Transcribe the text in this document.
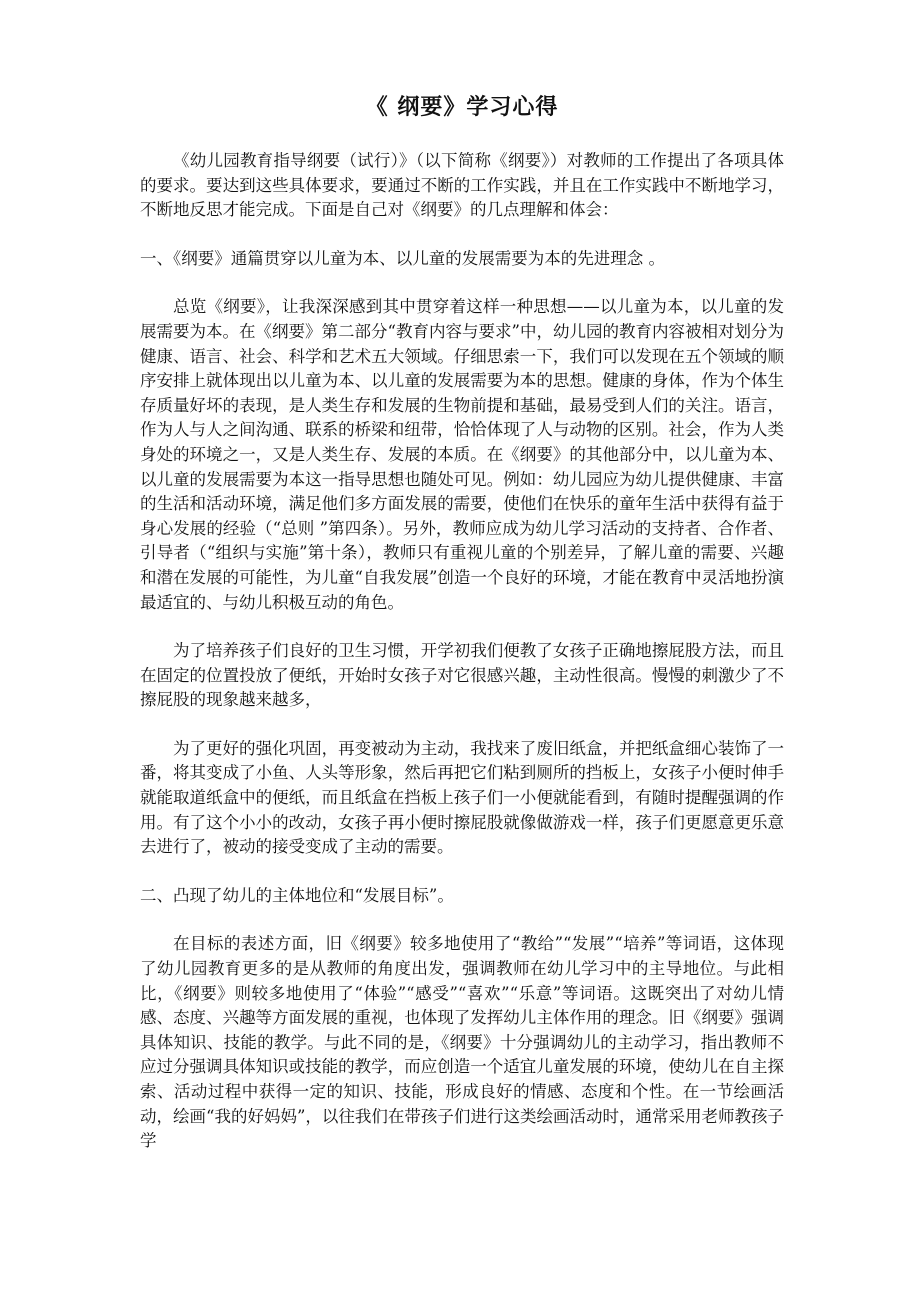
《 纲要》学习心得

《幼儿园教育指导纲要（试行）》（以下简称《纲要》）对教师的工作提出了各项具体的要求。要达到这些具体要求，要通过不断的工作实践，并且在工作实践中不断地学习，不断地反思才能完成。下面是自己对《纲要》的几点理解和体会：

一、《纲要》通篇贯穿以儿童为本、以儿童的发展需要为本的先进理念 。

总览《纲要》，让我深深感到其中贯穿着这样一种思想——以儿童为本，以儿童的发展需要为本。在《纲要》第二部分“教育内容与要求”中，幼儿园的教育内容被相对划分为健康、语言、社会、科学和艺术五大领域。仔细思索一下，我们可以发现在五个领域的顺序安排上就体现出以儿童为本、以儿童的发展需要为本的思想。健康的身体，作为个体生存质量好坏的表现，是人类生存和发展的生物前提和基础，最易受到人们的关注。语言，作为人与人之间沟通、联系的桥梁和纽带，恰恰体现了人与动物的区别。社会，作为人类身处的环境之一，又是人类生存、发展的本质。在《纲要》的其他部分中，以儿童为本、以儿童的发展需要为本这一指导思想也随处可见。例如：幼儿园应为幼儿提供健康、丰富的生活和活动环境，满足他们多方面发展的需要，使他们在快乐的童年生活中获得有益于身心发展的经验（“总则 ”第四条）。另外，教师应成为幼儿学习活动的支持者、合作者、引导者（“组织与实施”第十条），教师只有重视儿童的个别差异，了解儿童的需要、兴趣和潜在发展的可能性，为儿童“自我发展”创造一个良好的环境，才能在教育中灵活地扮演最适宜的、与幼儿积极互动的角色。

为了培养孩子们良好的卫生习惯，开学初我们便教了女孩子正确地擦屁股方法，而且在固定的位置投放了便纸，开始时女孩子对它很感兴趣，主动性很高。慢慢的刺激少了不擦屁股的现象越来越多，

为了更好的强化巩固，再变被动为主动，我找来了废旧纸盒，并把纸盒细心装饰了一番，将其变成了小鱼、人头等形象，然后再把它们粘到厕所的挡板上，女孩子小便时伸手就能取道纸盒中的便纸，而且纸盒在挡板上孩子们一小便就能看到，有随时提醒强调的作用。有了这个小小的改动，女孩子再小便时擦屁股就像做游戏一样，孩子们更愿意更乐意去进行了，被动的接受变成了主动的需要。

二、凸现了幼儿的主体地位和“发展目标”。

在目标的表述方面，旧《纲要》较多地使用了“教给”“发展”“培养”等词语，这体现了幼儿园教育更多的是从教师的角度出发，强调教师在幼儿学习中的主导地位。与此相比，《纲要》则较多地使用了“体验”“感受”“喜欢”“乐意”等词语。这既突出了对幼儿情感、态度、兴趣等方面发展的重视，也体现了发挥幼儿主体作用的理念。旧《纲要》强调具体知识、技能的教学。与此不同的是，《纲要》十分强调幼儿的主动学习，指出教师不应过分强调具体知识或技能的教学，而应创造一个适宜儿童发展的环境，使幼儿在自主探索、活动过程中获得一定的知识、技能，形成良好的情感、态度和个性。在一节绘画活动，绘画“我的好妈妈”，以往我们在带孩子们进行这类绘画活动时，通常采用老师教孩子学
